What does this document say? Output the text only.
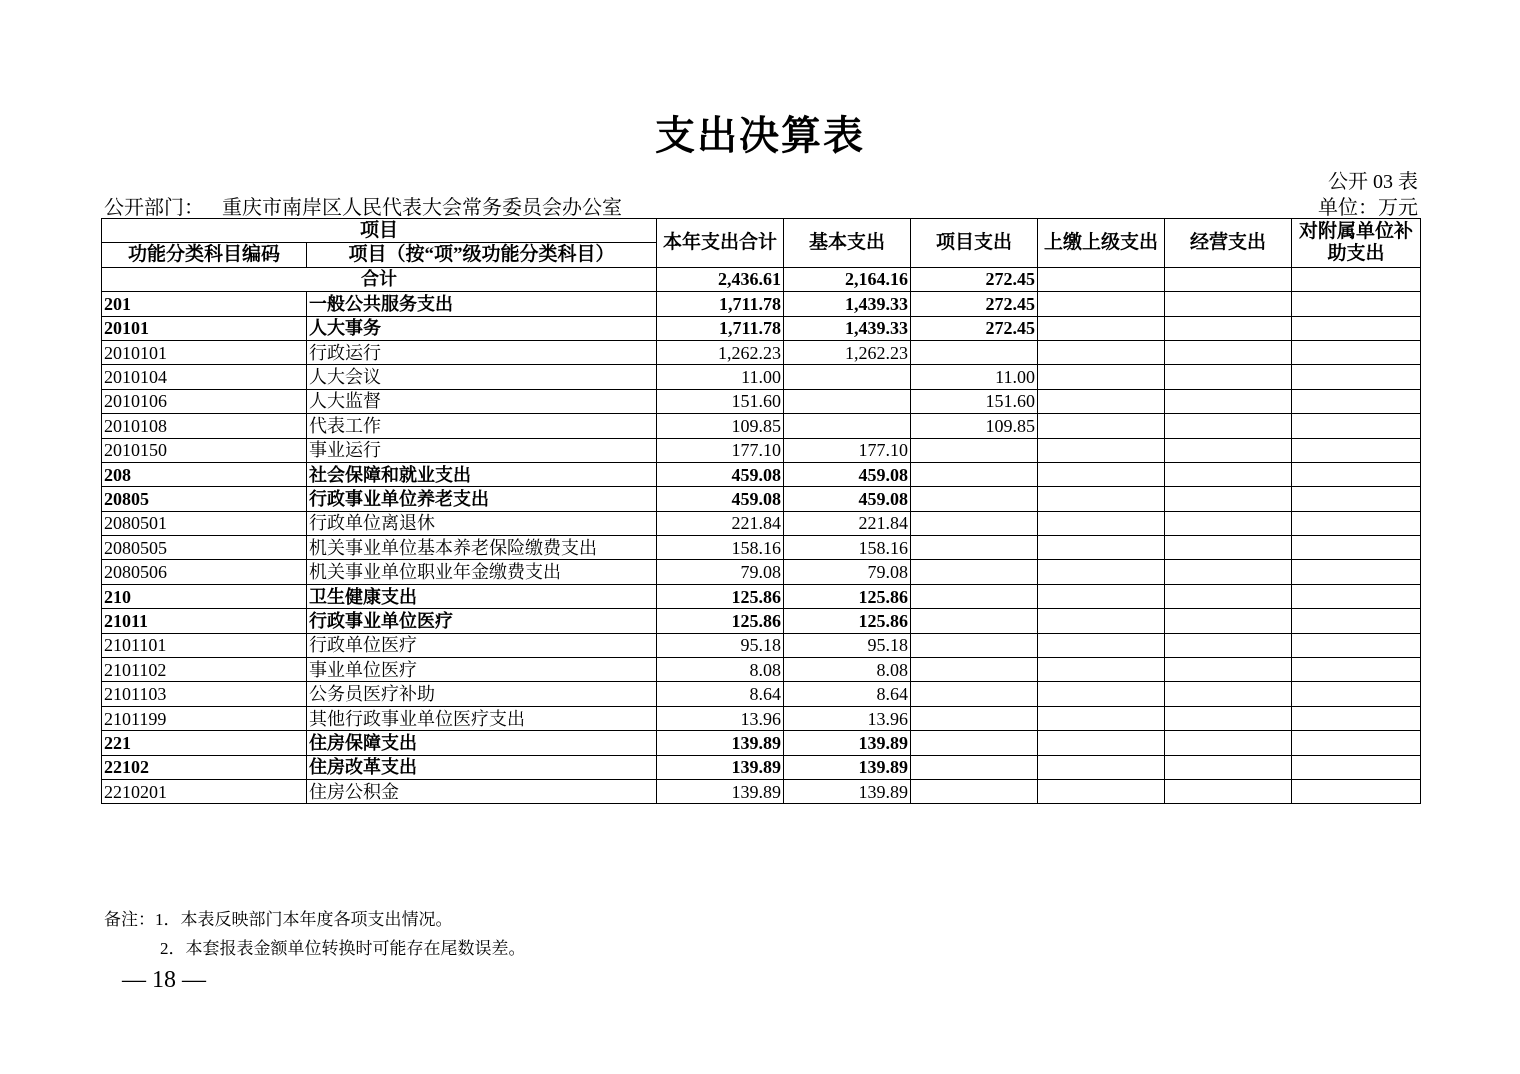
支出决算表
公开 03 表
公开部门： 重庆市南岸区人民代表大会常务委员会办公室	单位：万元
项目		本年支出合计	基本支出	项目支出	上缴上级支出	经营支出	对附属单位补助支出
功能分类科目编码	项目（按“项”级功能分类科目）						
合计		2,436.61	2,164.16	272.45			
201	一般公共服务支出	1,711.78	1,439.33	272.45			
20101	人大事务	1,711.78	1,439.33	272.45			
2010101	行政运行	1,262.23	1,262.23				
2010104	人大会议	11.00		11.00			
2010106	人大监督	151.60		151.60			
2010108	代表工作	109.85		109.85			
2010150	事业运行	177.10	177.10				
208	社会保障和就业支出	459.08	459.08				
20805	行政事业单位养老支出	459.08	459.08				
2080501	行政单位离退休	221.84	221.84				
2080505	机关事业单位基本养老保险缴费支出	158.16	158.16				
2080506	机关事业单位职业年金缴费支出	79.08	79.08				
210	卫生健康支出	125.86	125.86				
21011	行政事业单位医疗	125.86	125.86				
2101101	行政单位医疗	95.18	95.18				
2101102	事业单位医疗	8.08	8.08				
2101103	公务员医疗补助	8.64	8.64				
2101199	其他行政事业单位医疗支出	13.96	13.96				
221	住房保障支出	139.89	139.89				
22102	住房改革支出	139.89	139.89				
2210201	住房公积金	139.89	139.89				
备注：1．本表反映部门本年度各项支出情况。
2．本套报表金额单位转换时可能存在尾数误差。
— 18 —
